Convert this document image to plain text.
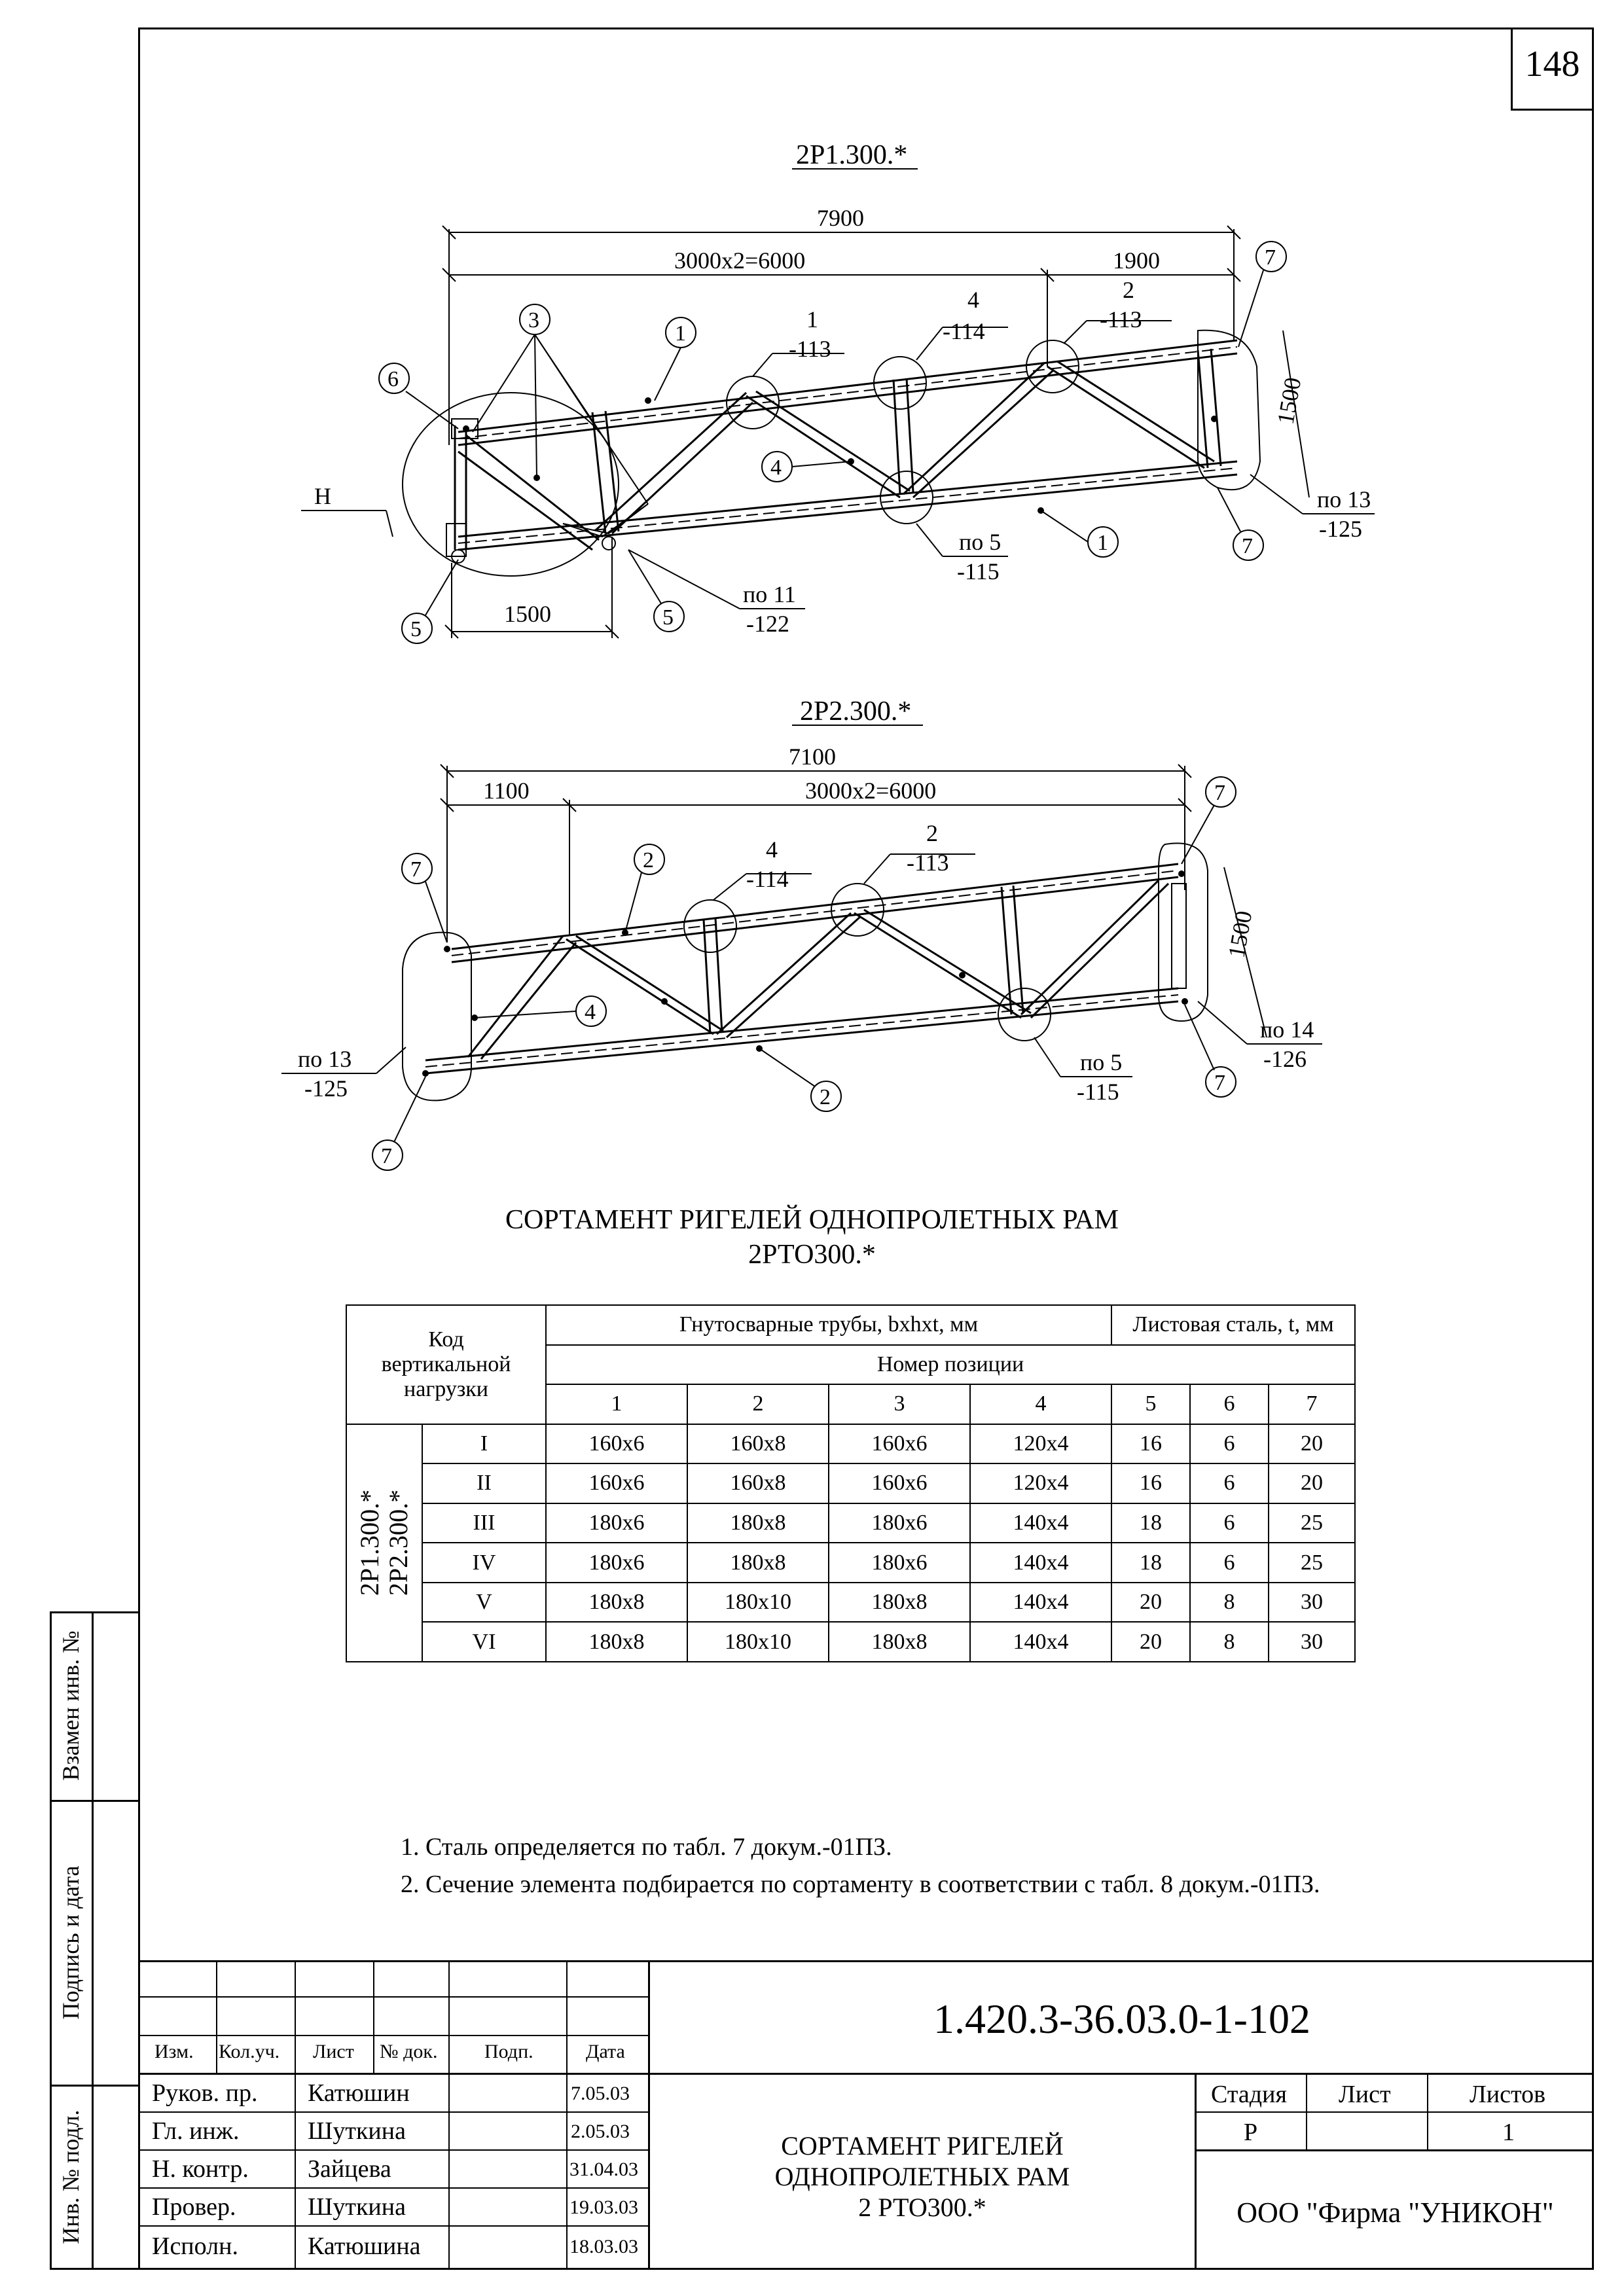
148
Взамен инв. №
Подпись и дата
Инв. № подл.
2Р1.300.*
7900
3000х2=6000	1900
1500
1500
Н
3
1
6
7
4
1	7
5	5
1
-113
4
-114
2
-113
по 13
-125
по 5
-115
по 11
-122
2Р2.300.*
7100
1100	3000х2=6000
1500
7	2
7
4
2
7
7
4
-114
2
-113
по 13
-125
по 14
-126
по 5
-115
СОРТАМЕНТ РИГЕЛЕЙ ОДНОПРОЛЕТНЫХ РАМ
2РТО300.*
Код
вертикальной
нагрузки		Гнутосварные трубы, bxhxt, мм				Листовая сталь, t, мм		
		Номер позиции						
		1	2	3	4	5	6	7

2Р1.300.*
2Р2.300.*	I	160х6	160х8	160х6	120х4	16	6	20
	II	160х6	160х8	160х6	120х4	16	6	20
	III	180х6	180х8	180х6	140х4	18	6	25
	IV	180х6	180х8	180х6	140х4	18	6	25
	V	180х8	180х10	180х8	140х4	20	8	30
	VI	180х8	180х10	180х8	140х4	20	8	30
1. Сталь определяется по табл. 7 докум.-01ПЗ.
2. Сечение элемента подбирается по сортаменту в соответствии с табл. 8 докум.-01ПЗ.
1.420.3-36.03.0-1-102
Изм. Кол.уч. Лист № док. Подп.	Дата
Руков. пр. Катюшин	7.05.03
Гл. инж.	Шуткина	2.05.03
Н. контр. Зайцева	31.04.03
Провер.	Шуткина	19.03.03
Исполн.	Катюшина	18.03.03
СОРТАМЕНТ РИГЕЛЕЙ
ОДНОПРОЛЕТНЫХ РАМ
2 РТО300.*
Стадия Лист	Листов
Р	1
ООО "Фирма "УНИКОН"
